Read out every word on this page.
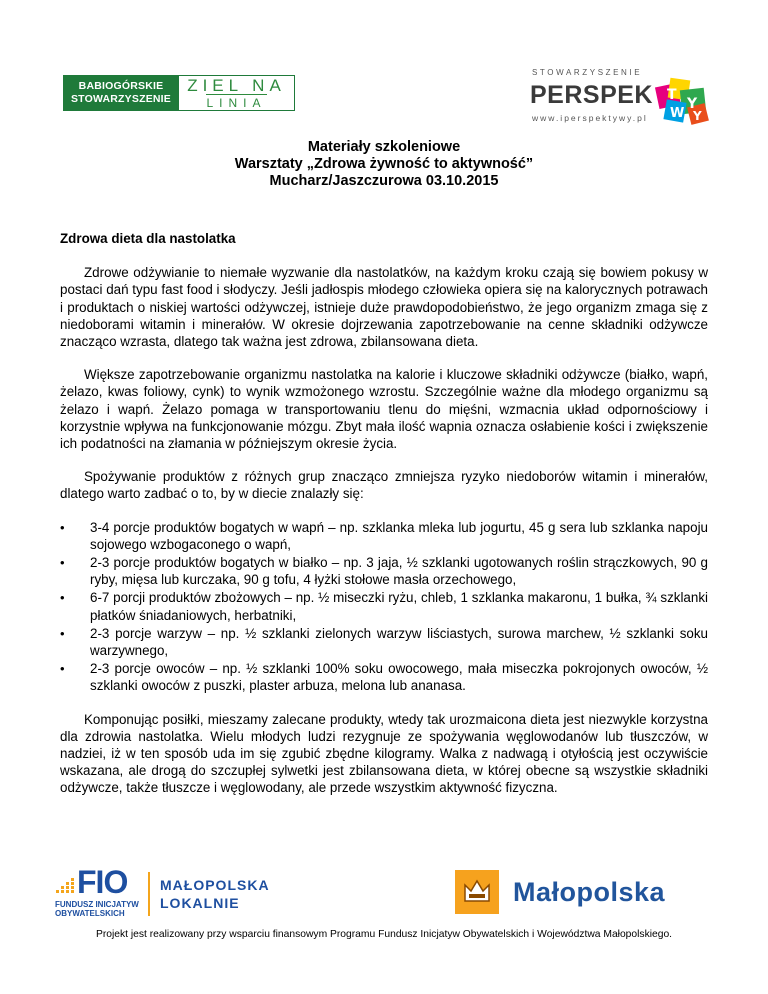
BABIOGÓRSKIE
STOWARZYSZENIE
ZIEL NA
LINIA
STOWARZYSZENIE
PERSPEK T
Y
W Y
www.iperspektywy.pl
Materiały szkoleniowe
Warsztaty „Zdrowa żywność to aktywność”
Mucharz/Jaszczurowa 03.10.2015

Zdrowa dieta dla nastolatka

Zdrowe odżywianie to niemałe wyzwanie dla nastolatków, na każdym kroku czają się bowiem pokusy w postaci dań typu fast food i słodyczy. Jeśli jadłospis młodego człowieka opiera się na kalorycznych potrawach i produktach o niskiej wartości odżywczej, istnieje duże prawdopodobieństwo, że jego organizm zmaga się z niedoborami witamin i minerałów. W okresie dojrzewania zapotrzebowanie na cenne składniki odżywcze znacząco wzrasta, dlatego tak ważna jest zdrowa, zbilansowana dieta.

Większe zapotrzebowanie organizmu nastolatka na kalorie i kluczowe składniki odżywcze (białko, wapń, żelazo, kwas foliowy, cynk) to wynik wzmożonego wzrostu. Szczególnie ważne dla młodego organizmu są żelazo i wapń. Żelazo pomaga w transportowaniu tlenu do mięśni, wzmacnia układ odpornościowy i korzystnie wpływa na funkcjonowanie mózgu. Zbyt mała ilość wapnia oznacza osłabienie kości i zwiększenie ich podatności na złamania w późniejszym okresie życia.

Spożywanie produktów z różnych grup znacząco zmniejsza ryzyko niedoborów witamin i minerałów, dlatego warto zadbać o to, by w diecie znalazły się:

• 3-4 porcje produktów bogatych w wapń – np. szklanka mleka lub jogurtu, 45 g sera lub szklanka napoju sojowego wzbogaconego o wapń,
• 2-3 porcje produktów bogatych w białko – np. 3 jaja, ½ szklanki ugotowanych roślin strączkowych, 90 g ryby, mięsa lub kurczaka, 90 g tofu, 4 łyżki stołowe masła orzechowego,
• 6-7 porcji produktów zbożowych – np. ½ miseczki ryżu, chleb, 1 szklanka makaronu, 1 bułka, ¾ szklanki płatków śniadaniowych, herbatniki,
• 2-3 porcje warzyw – np. ½ szklanki zielonych warzyw liściastych, surowa marchew, ½ szklanki soku warzywnego,
• 2-3 porcje owoców – np. ½ szklanki 100% soku owocowego, mała miseczka pokrojonych owoców, ½ szklanki owoców z puszki, plaster arbuza, melona lub ananasa.

Komponując posiłki, mieszamy zalecane produkty, wtedy tak urozmaicona dieta jest niezwykle korzystna dla zdrowia nastolatka. Wielu młodych ludzi rezygnuje ze spożywania węglowodanów lub tłuszczów, w nadziei, iż w ten sposób uda im się zgubić zbędne kilogramy. Walka z nadwagą i otyłością jest oczywiście wskazana, ale drogą do szczupłej sylwetki jest zbilansowana dieta, w której obecne są wszystkie składniki odżywcze, także tłuszcze i węglowodany, ale przede wszystkim aktywność fizyczna.

FIO
FUNDUSZ INICJATYW
OBYWATELSKICH
MAŁOPOLSKA
LOKALNIE	Małopolska
Projekt jest realizowany przy wsparciu finansowym Programu Fundusz Inicjatyw Obywatelskich i Województwa Małopolskiego.
